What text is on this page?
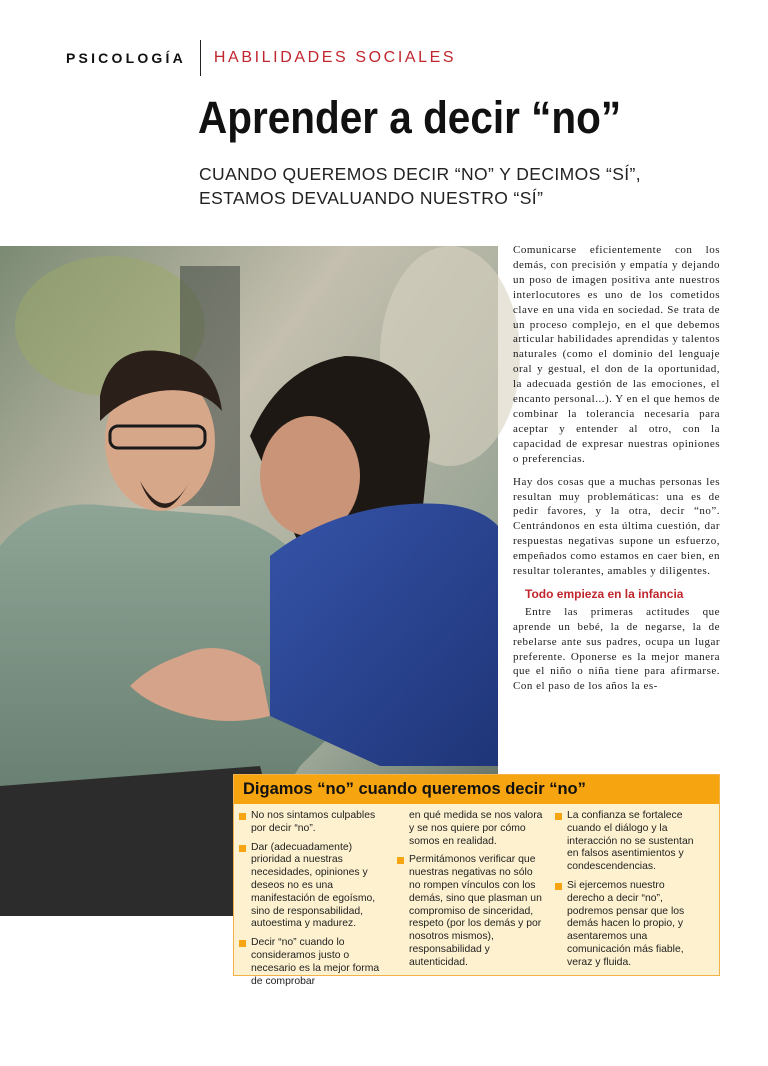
PSICOLOGÍA HABILIDADES SOCIALES
Aprender a decir “no”
CUANDO QUEREMOS DECIR “NO” Y DECIMOS “SÍ”,
ESTAMOS DEVALUANDO NUESTRO “SÍ”
22

Comunicarse eficientemente con los demás, con precisión y empatía y dejando un poso de imagen positiva ante nuestros interlocutores es uno de los cometidos clave en una vida en sociedad. Se trata de un proceso complejo, en el que debemos articular habilidades aprendidas y talentos naturales (como el dominio del lenguaje oral y gestual, el don de la oportunidad, la adecuada gestión de las emociones, el encanto personal...). Y en el que hemos de combinar la tolerancia necesaria para aceptar y entender al otro, con la capacidad de expresar nuestras opiniones o preferencias.

Hay dos cosas que a muchas personas les resultan muy problemáticas: una es de pedir favores, y la otra, decir “no”. Centrándonos en esta última cuestión, dar respuestas negativas supone un esfuerzo, empeñados como estamos en caer bien, en resultar tolerantes, amables y diligentes.

Todo empieza en la infancia

Entre las primeras actitudes que aprende un bebé, la de negarse, la de rebelarse ante sus padres, ocupa un lugar preferente. Oponerse es la mejor manera que el niño o niña tiene para afirmarse. Con el paso de los años la es-

Digamos “no” cuando queremos decir “no”
No nos sintamos culpables por decir “no”.
Dar (adecuadamente) prioridad a nuestras necesidades, opiniones y deseos no es una manifestación de egoísmo, sino de responsabilidad, autoestima y madurez.
Decir “no” cuando lo consideramos justo o necesario es la mejor forma de comprobar
en qué medida se nos valora y se nos quiere por cómo somos en realidad.
Permitámonos verificar que nuestras negativas no sólo no rompen vínculos con los demás, sino que plasman un compromiso de sinceridad, respeto (por los demás y por nosotros mismos), responsabilidad y autenticidad.
La confianza se fortalece cuando el diálogo y la interacción no se sustentan en falsos asentimientos y condescendencias.
Si ejercemos nuestro derecho a decir “no”, podremos pensar que los demás hacen lo propio, y asentaremos una comunicación más fiable, veraz y fluida.
